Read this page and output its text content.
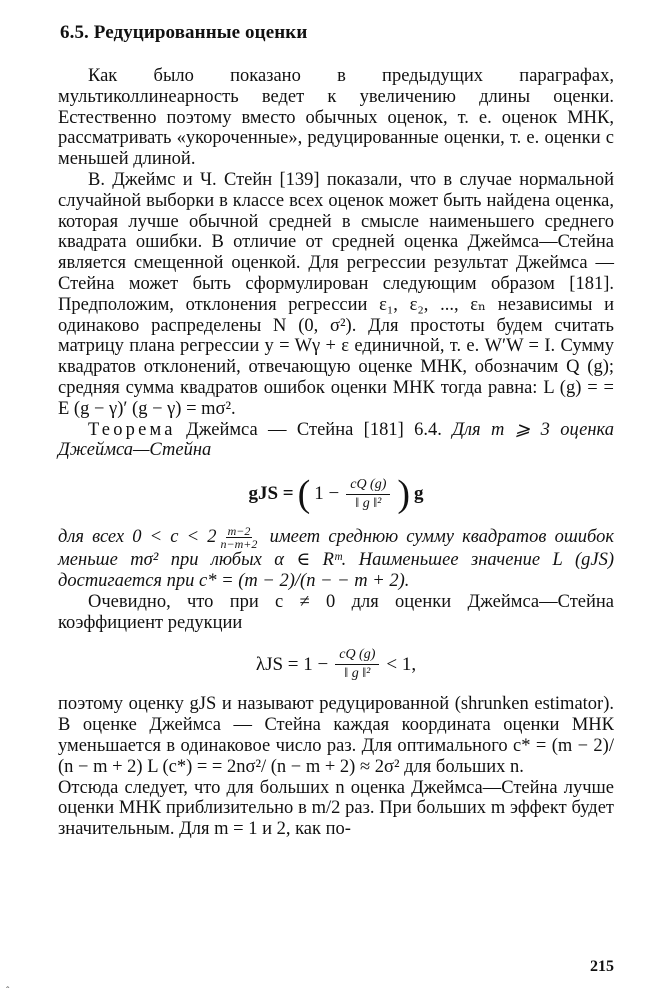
6.5. Редуцированные оценки

Как было показано в предыдущих параграфах, мультиколлинеарность ведет к увеличению длины оценки. Естественно поэтому вместо обычных оценок, т. е. оценок МНК, рассматривать «укороченные», редуцированные оценки, т. е. оценки с меньшей длиной.

В. Джеймс и Ч. Стейн [139] показали, что в случае нормальной случайной выборки в классе всех оценок может быть найдена оценка, которая лучше обычной средней в смысле наименьшего среднего квадрата ошибки. В отличие от средней оценка Джеймса—Стейна является смещенной оценкой. Для регрессии результат Джеймса — Стейна может быть сформулирован следующим образом [181]. Предположим, отклонения регрессии ε₁, ε₂, ..., εₙ независимы и одинаково распределены N (0, σ²). Для простоты будем считать матрицу плана регрессии y = Wγ + ε единичной, т. е. W′W = I. Сумму квадратов отклонений, отвечающую оценке МНК, обозначим Q (g); средняя сумма квадратов ошибок оценки МНК тогда равна: L (g) = = E (g − γ)′ (g − γ) = mσ².

Теорема Джеймса — Стейна [181] 6.4. Для m ⩾ 3 оценка Джеймса—Стейна

gJS = ( $1 - \frac{cQ (g)}{\text{‖ g ‖²}}$ ) g

для всех $0 < c < 2 \frac{m-2}{n-m+2}$ имеет среднюю сумму квадратов ошибок меньше mσ² при любых α ∈ Rᵐ. Наименьшее значение L (gJS) достигается при c* = (m − 2)/(n − − m + 2).

Очевидно, что при c ≠ 0 для оценки Джеймса—Стейна коэффициент редукции

$\lambda JS = 1 - \frac{cQ (g)}{\text{‖ g ‖²}} < 1$,

поэтому оценку gJS и называют редуцированной (shrunken estimator). В оценке Джеймса — Стейна каждая координата оценки МНК уменьшается в одинаковое число раз. Для оптимального c* = (m − 2)/ (n − m + 2) L (c*) = = 2nσ²/ (n − m + 2) ≈ 2σ² для больших n.

Отсюда следует, что для больших n оценка Джеймса—Стейна лучше оценки МНК приблизительно в m/2 раз. При больших m эффект будет значительным. Для m = 1 и 2, как по-

215
ˆ
